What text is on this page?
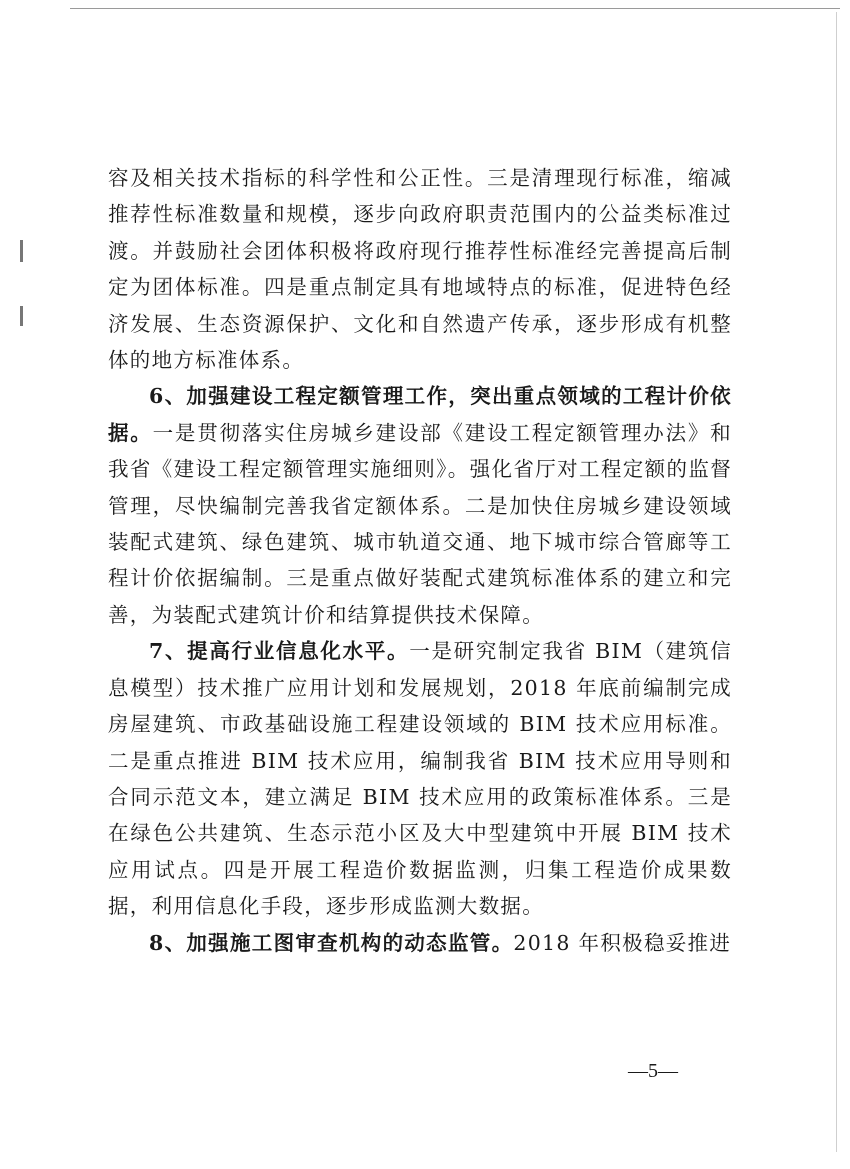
容及相关技术指标的科学性和公正性。三是清理现行标准，缩减推荐性标准数量和规模，逐步向政府职责范围内的公益类标准过渡。并鼓励社会团体积极将政府现行推荐性标准经完善提高后制定为团体标准。四是重点制定具有地域特点的标准，促进特色经济发展、生态资源保护、文化和自然遗产传承，逐步形成有机整体的地方标准体系。

6、加强建设工程定额管理工作，突出重点领域的工程计价依据。一是贯彻落实住房城乡建设部《建设工程定额管理办法》和我省《建设工程定额管理实施细则》。强化省厅对工程定额的监督管理，尽快编制完善我省定额体系。二是加快住房城乡建设领域装配式建筑、绿色建筑、城市轨道交通、地下城市综合管廊等工程计价依据编制。三是重点做好装配式建筑标准体系的建立和完善，为装配式建筑计价和结算提供技术保障。

7、提高行业信息化水平。一是研究制定我省 BIM（建筑信息模型）技术推广应用计划和发展规划，2018 年底前编制完成房屋建筑、市政基础设施工程建设领域的 BIM 技术应用标准。二是重点推进 BIM 技术应用，编制我省 BIM 技术应用导则和合同示范文本，建立满足 BIM 技术应用的政策标准体系。三是在绿色公共建筑、生态示范小区及大中型建筑中开展 BIM 技术应用试点。四是开展工程造价数据监测，归集工程造价成果数据，利用信息化手段，逐步形成监测大数据。

8、加强施工图审查机构的动态监管。2018 年积极稳妥推进

—5—
